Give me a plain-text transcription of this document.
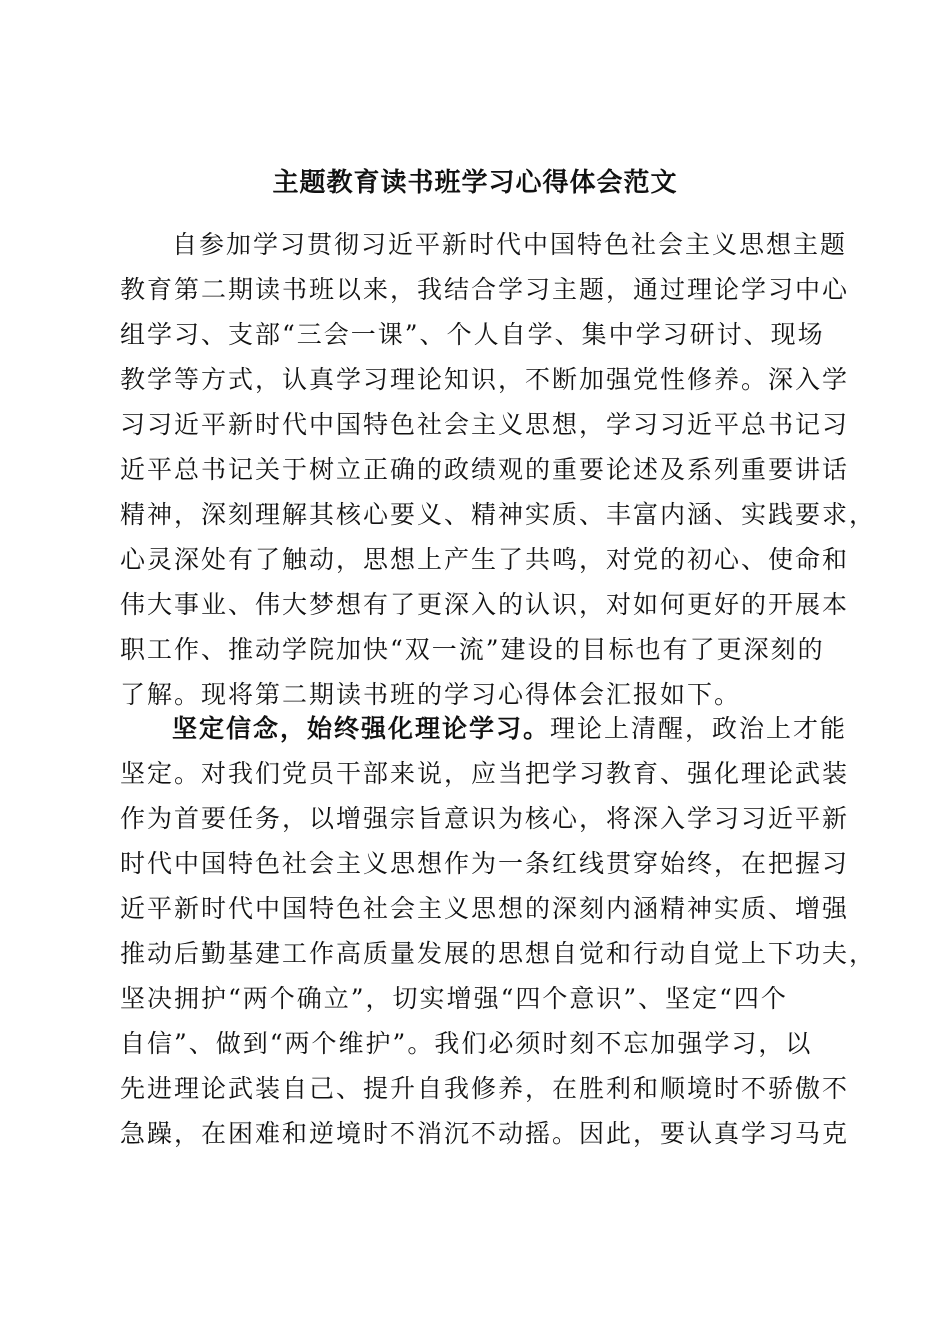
主题教育读书班学习心得体会范文
自参加学习贯彻习近平新时代中国特色社会主义思想主题
教育第二期读书班以来，我结合学习主题，通过理论学习中心
组学习、支部“三会一课”、个人自学、集中学习研讨、现场
教学等方式，认真学习理论知识，不断加强党性修养。深入学
习习近平新时代中国特色社会主义思想，学习习近平总书记习
近平总书记关于树立正确的政绩观的重要论述及系列重要讲话
精神，深刻理解其核心要义、精神实质、丰富内涵、实践要求，
心灵深处有了触动，思想上产生了共鸣，对党的初心、使命和
伟大事业、伟大梦想有了更深入的认识，对如何更好的开展本
职工作、推动学院加快“双一流”建设的目标也有了更深刻的
了解。现将第二期读书班的学习心得体会汇报如下。
坚定信念，始终强化理论学习。理论上清醒，政治上才能
坚定。对我们党员干部来说，应当把学习教育、强化理论武装
作为首要任务，以增强宗旨意识为核心，将深入学习习近平新
时代中国特色社会主义思想作为一条红线贯穿始终，在把握习
近平新时代中国特色社会主义思想的深刻内涵精神实质、增强
推动后勤基建工作高质量发展的思想自觉和行动自觉上下功夫，
坚决拥护“两个确立”，切实增强“四个意识”、坚定“四个
自信”、做到“两个维护”。我们必须时刻不忘加强学习，以
先进理论武装自己、提升自我修养，在胜利和顺境时不骄傲不
急躁，在困难和逆境时不消沉不动摇。因此，要认真学习马克
